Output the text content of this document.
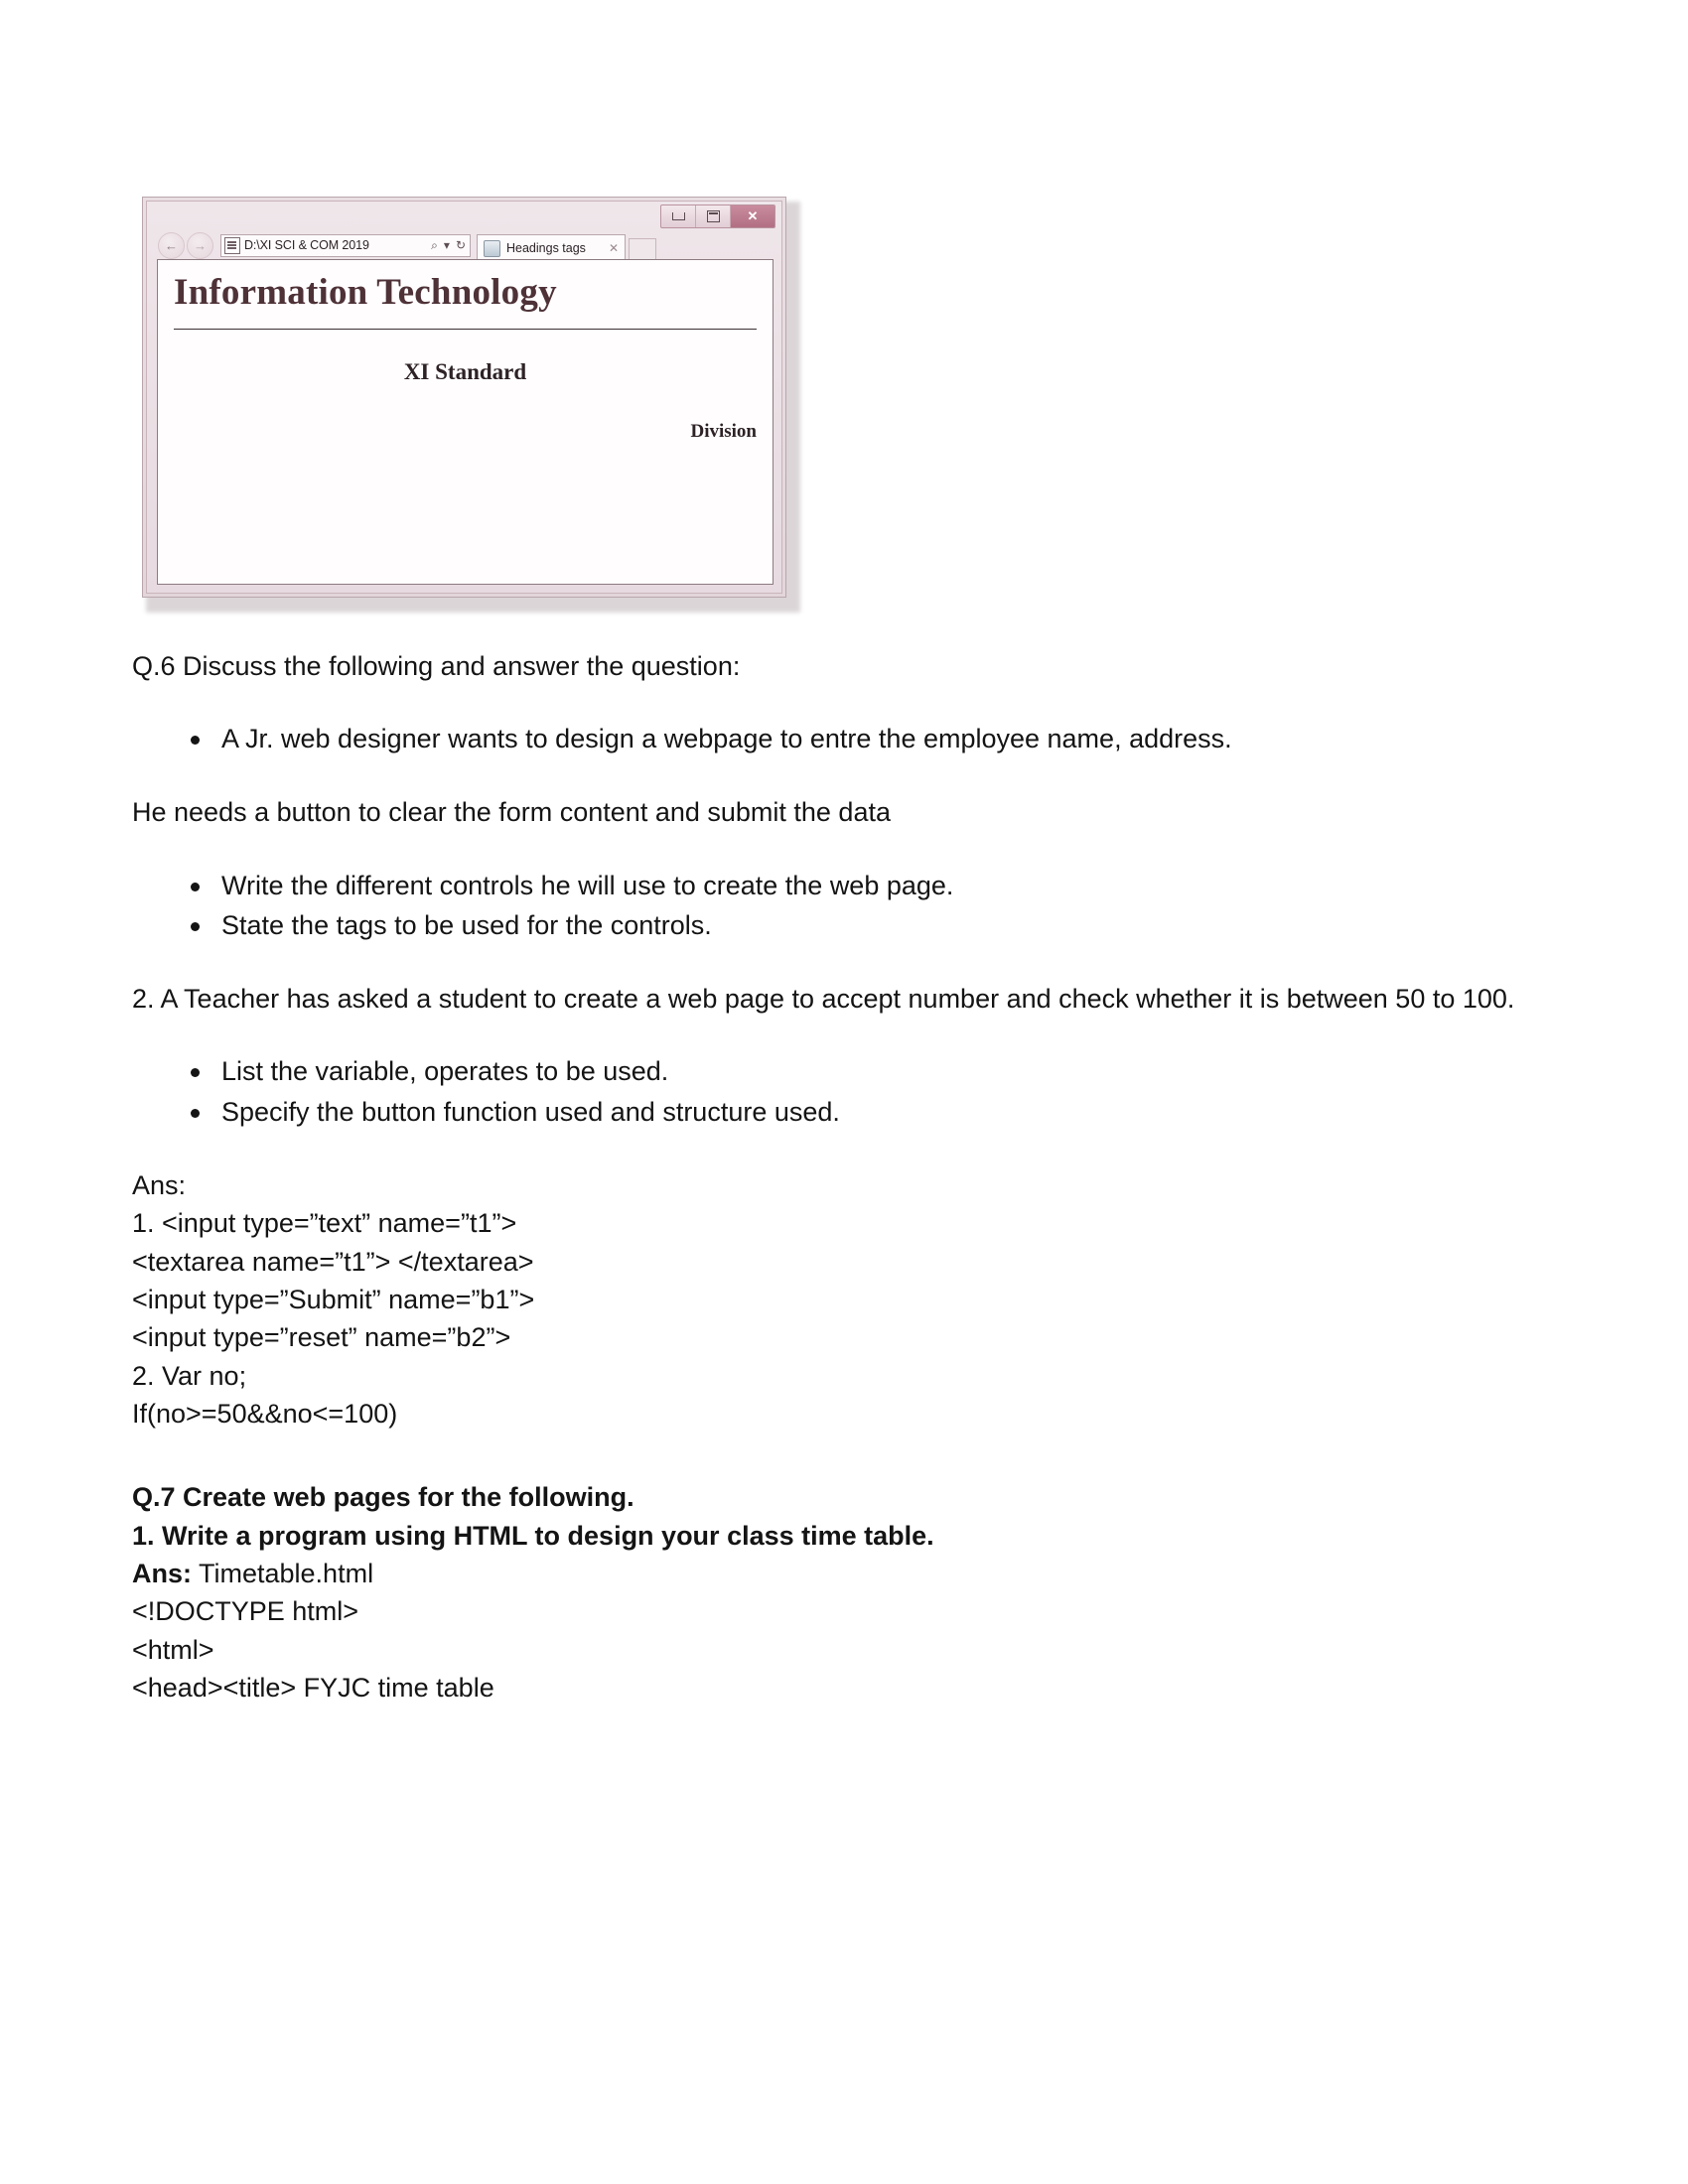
✕
← →	D:\XI SCI & COM 2019	⌕ ▾ ↻	Headings tags	✕
Information Technology
XI Standard
Division

Q.6 Discuss the following and answer the question:

A Jr. web designer wants to design a webpage to entre the employee name, address.

He needs a button to clear the form content and submit the data

Write the different controls he will use to create the web page.
State the tags to be used for the controls.

2. A Teacher has asked a student to create a web page to accept number and check whether it is between 50 to 100.

List the variable, operates to be used.
Specify the button function used and structure used.

Ans:

1. <input type=”text” name=”t1”>

<textarea name=”t1”> </textarea>

<input type=”Submit” name=”b1”>

<input type=”reset” name=”b2”>

2. Var no;

If(no>=50&&no<=100)

Q.7 Create web pages for the following.

1. Write a program using HTML to design your class time table.

Ans: Timetable.html

<!DOCTYPE html>

<html>

<head><title> FYJC time table
